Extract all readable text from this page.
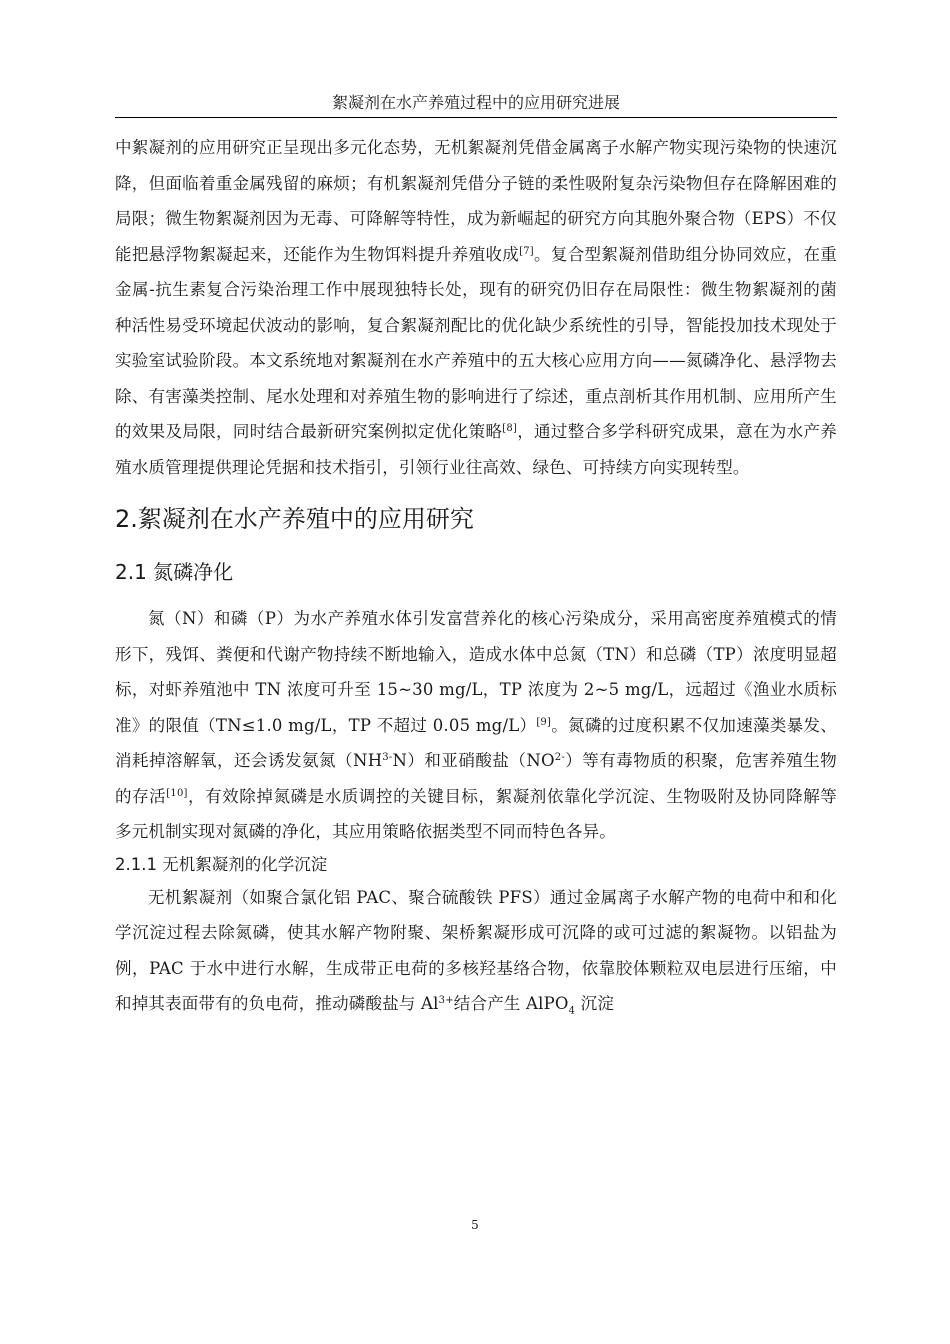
絮凝剂在水产养殖过程中的应用研究进展

中絮凝剂的应用研究正呈现出多元化态势，无机絮凝剂凭借金属离子水解产物实现污染物的快速沉降，但面临着重金属残留的麻烦；有机絮凝剂凭借分子链的柔性吸附复杂污染物但存在降解困难的局限；微生物絮凝剂因为无毒、可降解等特性，成为新崛起的研究方向其胞外聚合物（EPS）不仅能把悬浮物絮凝起来，还能作为生物饵料提升养殖收成[7]。复合型絮凝剂借助组分协同效应，在重金属-抗生素复合污染治理工作中展现独特长处，现有的研究仍旧存在局限性：微生物絮凝剂的菌种活性易受环境起伏波动的影响，复合絮凝剂配比的优化缺少系统性的引导，智能投加技术现处于实验室试验阶段。本文系统地对絮凝剂在水产养殖中的五大核心应用方向——氮磷净化、悬浮物去除、有害藻类控制、尾水处理和对养殖生物的影响进行了综述，重点剖析其作用机制、应用所产生的效果及局限，同时结合最新研究案例拟定优化策略[8]，通过整合多学科研究成果，意在为水产养殖水质管理提供理论凭据和技术指引，引领行业往高效、绿色、可持续方向实现转型。

2.絮凝剂在水产养殖中的应用研究
2.1 氮磷净化

氮（N）和磷（P）为水产养殖水体引发富营养化的核心污染成分，采用高密度养殖模式的情形下，残饵、粪便和代谢产物持续不断地输入，造成水体中总氮（TN）和总磷（TP）浓度明显超标，对虾养殖池中 TN 浓度可升至 15~30 mg/L，TP 浓度为 2~5 mg/L，远超过《渔业水质标准》的限值（TN≤1.0 mg/L，TP 不超过 0.05 mg/L）[9]。氮磷的过度积累不仅加速藻类暴发、消耗掉溶解氧，还会诱发氨氮$(NH^{3-}N)$和亚硝酸盐$(NO^{2-})$等有毒物质的积聚，危害养殖生物的存活[10]，有效除掉氮磷是水质调控的关键目标，絮凝剂依靠化学沉淀、生物吸附及协同降解等多元机制实现对氮磷的净化，其应用策略依据类型不同而特色各异。

2.1.1 无机絮凝剂的化学沉淀

无机絮凝剂（如聚合氯化铝 PAC、聚合硫酸铁 PFS）通过金属离子水解产物的电荷中和和化学沉淀过程去除氮磷，使其水解产物附聚、架桥絮凝形成可沉降的或可过滤的絮凝物。以铝盐为例，PAC 于水中进行水解，生成带正电荷的多核羟基络合物，依靠胶体颗粒双电层进行压缩，中和掉其表面带有的负电荷，推动磷酸盐与 $Al^{3+}$结合产生 AlPO$_4$ 沉淀

5
